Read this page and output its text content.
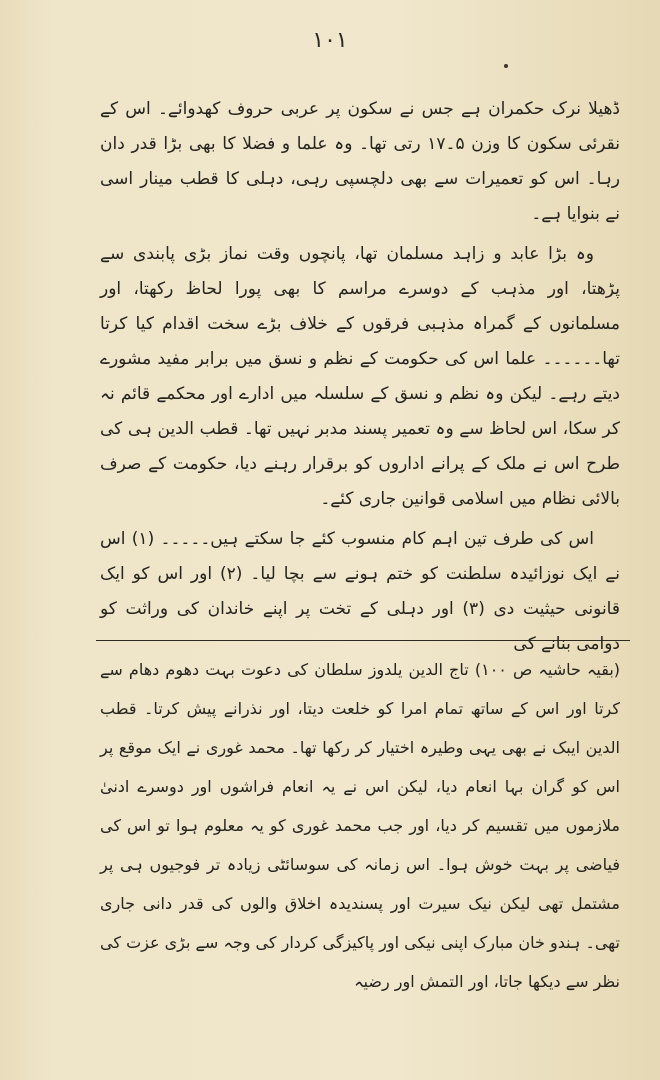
١٠١

ڈھیلا نرک حکمران ہے جس نے سکون پر عربی حروف کھدوائے۔ اس کے نقرئی سکون کا وزن ۵۔۱۷ رتی تھا۔ وہ علما و فضلا کا بھی بڑا قدر دان رہا۔ اس کو تعمیرات سے بھی دلچسپی رہی، دہلی کا قطب مینار اسی نے بنوایا ہے۔

وہ بڑا عابد و زاہد مسلمان تھا، پانچوں وقت نماز بڑی پابندی سے پڑھتا، اور مذہب کے دوسرے مراسم کا بھی پورا لحاظ رکھتا، اور مسلمانوں کے گمراہ مذہبی فرقوں کے خلاف بڑے سخت اقدام کیا کرتا تھا۔۔۔۔۔۔ علما اس کی حکومت کے نظم و نسق میں برابر مفید مشورے دیتے رہے۔ لیکن وہ نظم و نسق کے سلسلہ میں ادارے اور محکمے قائم نہ کر سکا، اس لحاظ سے وہ تعمیر پسند مدبر نہیں تھا۔ قطب الدین ہی کی طرح اس نے ملک کے پرانے اداروں کو برقرار رہنے دیا، حکومت کے صرف بالائی نظام میں اسلامی قوانین جاری کئے۔

اس کی طرف تین اہم کام منسوب کئے جا سکتے ہیں۔۔۔۔۔ (۱) اس نے ایک نوزائیدہ سلطنت کو ختم ہونے سے بچا لیا۔ (۲) اور اس کو ایک قانونی حیثیت دی (۳) اور دہلی کے تخت پر اپنے خاندان کی وراثت کو دوامی بنانے کی

(بقیہ حاشیہ ص ۱۰۰) تاج الدین یلدوز سلطان کی دعوت بہت دھوم دھام سے کرتا اور اس کے ساتھ تمام امرا کو خلعت دیتا، اور نذرانے پیش کرتا۔ قطب الدین ایبک نے بھی یہی وطیرہ اختیار کر رکھا تھا۔ محمد غوری نے ایک موقع پر اس کو گران بہا انعام دیا، لیکن اس نے یہ انعام فراشوں اور دوسرے ادنیٰ ملازموں میں تقسیم کر دیا، اور جب محمد غوری کو یہ معلوم ہوا تو اس کی فیاضی پر بہت خوش ہوا۔ اس زمانہ کی سوسائٹی زیادہ تر فوجیوں ہی پر مشتمل تھی لیکن نیک سیرت اور پسندیدہ اخلاق والوں کی قدر دانی جاری تھی۔ ہندو خان مبارک اپنی نیکی اور پاکیزگی کردار کی وجہ سے بڑی عزت کی نظر سے دیکھا جاتا، اور التمش اور رضیہ
